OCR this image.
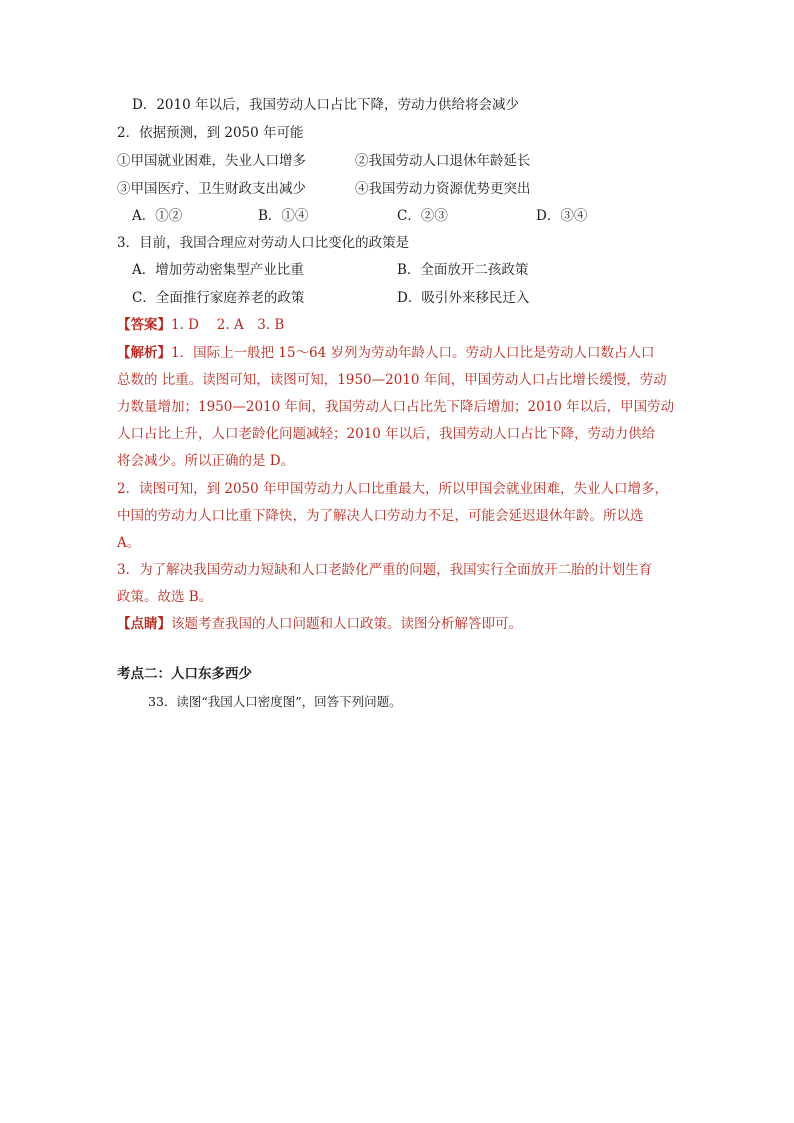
D．2010 年以后，我国劳动人口占比下降，劳动力供给将会减少
2．依据预测，到 2050 年可能
①甲国就业困难，失业人口增多	②我国劳动人口退休年龄延长
③甲国医疗、卫生财政支出减少	④我国劳动力资源优势更突出
A．①②	B．①④	C．②③	D．③④
3．目前，我国合理应对劳动人口比变化的政策是
A．增加劳动密集型产业比重	B．全面放开二孩政策
C．全面推行家庭养老的政策	D．吸引外来移民迁入
【答案】1. D　 2. A　3. B
【解析】1．国际上一般把 15～64 岁列为劳动年龄人口。劳动人口比是劳动人口数占人口
总数的 比重。读图可知，读图可知，1950—2010 年间，甲国劳动人口占比增长缓慢，劳动
力数量增加；1950—2010 年间，我国劳动人口占比先下降后增加；2010 年以后，甲国劳动
人口占比上升，人口老龄化问题减轻；2010 年以后，我国劳动人口占比下降，劳动力供给
将会减少。所以正确的是 D。
2．读图可知，到 2050 年甲国劳动力人口比重最大，所以甲国会就业困难，失业人口增多，
中国的劳动力人口比重下降快，为了解决人口劳动力不足，可能会延迟退休年龄。所以选
A。
3．为了解决我国劳动力短缺和人口老龄化严重的问题，我国实行全面放开二胎的计划生育
政策。故选 B。
【点睛】该题考查我国的人口问题和人口政策。读图分析解答即可。
考点二：人口东多西少
33．读图“我国人口密度图”，回答下列问题。
